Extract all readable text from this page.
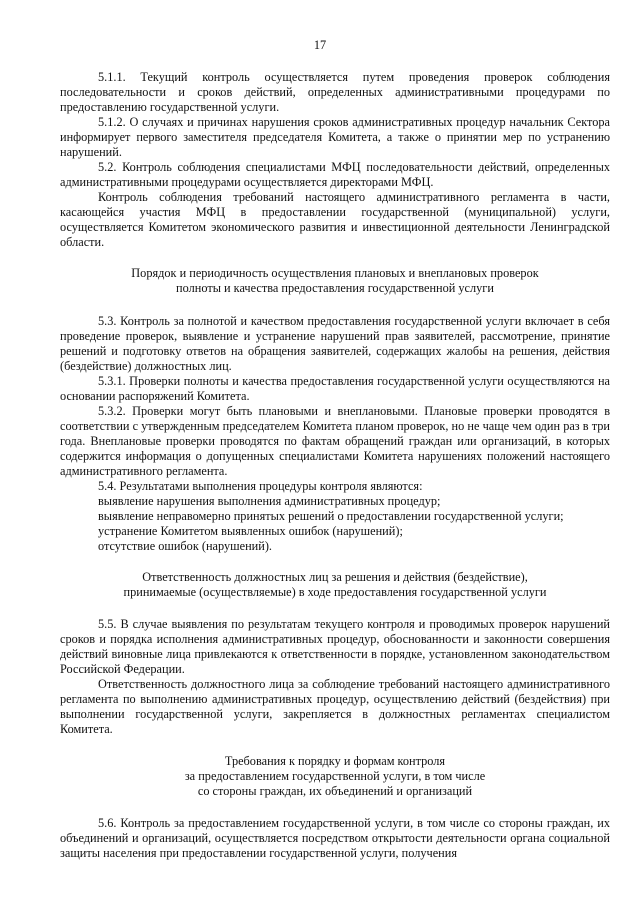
17

5.1.1. Текущий контроль осуществляется путем проведения проверок соблюдения последовательности и сроков действий, определенных административными процедурами по предоставлению государственной услуги.

5.1.2. О случаях и причинах нарушения сроков административных процедур начальник Сектора информирует первого заместителя председателя Комитета, а также о принятии мер по устранению нарушений.

5.2. Контроль соблюдения специалистами МФЦ последовательности действий, определенных административными процедурами осуществляется директорами МФЦ.

Контроль соблюдения требований настоящего административного регламента в части, касающейся участия МФЦ в предоставлении государственной (муниципальной) услуги, осуществляется Комитетом экономического развития и инвестиционной деятельности Ленинградской области.

Порядок и периодичность осуществления плановых и внеплановых проверок
полноты и качества предоставления государственной услуги

5.3. Контроль за полнотой и качеством предоставления государственной услуги включает в себя проведение проверок, выявление и устранение нарушений прав заявителей, рассмотрение, принятие решений и подготовку ответов на обращения заявителей, содержащих жалобы на решения, действия (бездействие) должностных лиц.

5.3.1. Проверки полноты и качества предоставления государственной услуги осуществляются на основании распоряжений Комитета.

5.3.2. Проверки могут быть плановыми и внеплановыми. Плановые проверки проводятся в соответствии с утвержденным председателем Комитета планом проверок, но не чаще чем один раз в три года. Внеплановые проверки проводятся по фактам обращений граждан или организаций, в которых содержится информация о допущенных специалистами Комитета нарушениях положений настоящего административного регламента.

5.4. Результатами выполнения процедуры контроля являются:
выявление нарушения выполнения административных процедур;
выявление неправомерно принятых решений о предоставлении государственной услуги;
устранение Комитетом выявленных ошибок (нарушений);
отсутствие ошибок (нарушений).
Ответственность должностных лиц за решения и действия (бездействие),
принимаемые (осуществляемые) в ходе предоставления государственной услуги

5.5. В случае выявления по результатам текущего контроля и проводимых проверок нарушений сроков и порядка исполнения административных процедур, обоснованности и законности совершения действий виновные лица привлекаются к ответственности в порядке, установленном законодательством Российской Федерации.

Ответственность должностного лица за соблюдение требований настоящего административного регламента по выполнению административных процедур, осуществлению действий (бездействия) при выполнении государственной услуги, закрепляется в должностных регламентах специалистом Комитета.

Требования к порядку и формам контроля
за предоставлением государственной услуги, в том числе
со стороны граждан, их объединений и организаций

5.6. Контроль за предоставлением государственной услуги, в том числе со стороны граждан, их объединений и организаций, осуществляется посредством открытости деятельности органа социальной защиты населения при предоставлении государственной услуги, получения
